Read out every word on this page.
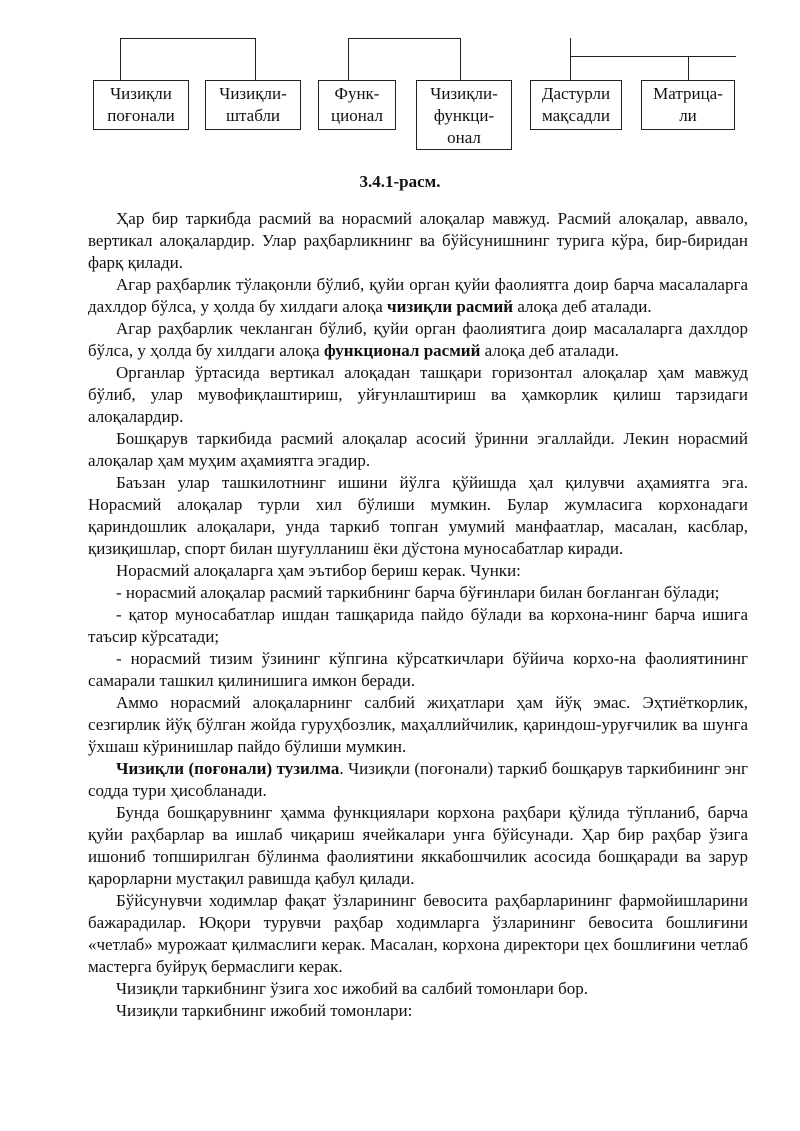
Чизиқли
поғонали
Чизиқли-
штабли
Функ-
ционал
Чизиқли-
функци-
онал
Дастурли
мақсадли
Матрица-
ли
3.4.1-расм.

Ҳар бир таркибда расмий ва норасмий алоқалар мавжуд. Расмий алоқалар, аввало, вертикал алоқалардир. Улар раҳбарликнинг ва бўйсунишнинг турига кўра, бир-биридан фарқ қилади.

Агар раҳбарлик тўлақонли бўлиб, қуйи орган қуйи фаолиятга доир барча масалаларга дахлдор бўлса, у ҳолда бу хилдаги алоқа чизиқли расмий алоқа деб аталади.

Агар раҳбарлик чекланган бўлиб, қуйи орган фаолиятига доир масалаларга дахлдор бўлса, у ҳолда бу хилдаги алоқа функционал расмий алоқа деб аталади.

Органлар ўртасида вертикал алоқадан ташқари горизонтал алоқалар ҳам мавжуд бўлиб, улар мувофиқлаштириш, уйғунлаштириш ва ҳамкорлик қилиш тарзидаги алоқалардир.

Бошқарув таркибида расмий алоқалар асосий ўринни эгаллайди. Лекин норасмий алоқалар ҳам муҳим аҳамиятга эгадир.

Баъзан улар ташкилотнинг ишини йўлга қўйишда ҳал қилувчи аҳамиятга эга. Норасмий алоқалар турли хил бўлиши мумкин. Булар жумласига корхонадаги қариндошлик алоқалари, унда таркиб топган умумий манфаатлар, масалан, касблар, қизиқишлар, спорт билан шуғулланиш ёки дўстона муносабатлар киради.

Норасмий алоқаларга ҳам эътибор бериш керак. Чунки:

- норасмий алоқалар расмий таркибнинг барча бўғинлари билан боғланган бўлади;

- қатор муносабатлар ишдан ташқарида пайдо бўлади ва корхона-нинг барча ишига таъсир кўрсатади;

- норасмий тизим ўзининг кўпгина кўрсаткичлари бўйича корхо-на фаолиятининг самарали ташкил қилинишига имкон беради.

Аммо норасмий алоқаларнинг салбий жиҳатлари ҳам йўқ эмас. Эҳтиёткорлик, сезгирлик йўқ бўлган жойда гуруҳбозлик, маҳаллийчилик, қариндош-уруғчилик ва шунга ўхшаш кўринишлар пайдо бўлиши мумкин.

Чизиқли (поғонали) тузилма. Чизиқли (поғонали) таркиб бошқарув таркибининг энг содда тури ҳисобланади.

Бунда бошқарувнинг ҳамма функциялари корхона раҳбари қўлида тўпланиб, барча қуйи раҳбарлар ва ишлаб чиқариш ячейкалари унга бўйсунади. Ҳар бир раҳбар ўзига ишониб топширилган бўлинма фаолиятини яккабошчилик асосида бошқаради ва зарур қарорларни мустақил равишда қабул қилади.

Бўйсунувчи ходимлар фақат ўзларининг бевосита раҳбарларининг фармойишларини бажарадилар. Юқори турувчи раҳбар ходимларга ўзларининг бевосита бошлиғини «четлаб» мурожаат қилмаслиги керак. Масалан, корхона директори цех бошлиғини четлаб мастерга буйруқ бермаслиги керак.

Чизиқли таркибнинг ўзига хос ижобий ва салбий томонлари бор.

Чизиқли таркибнинг ижобий томонлари:
